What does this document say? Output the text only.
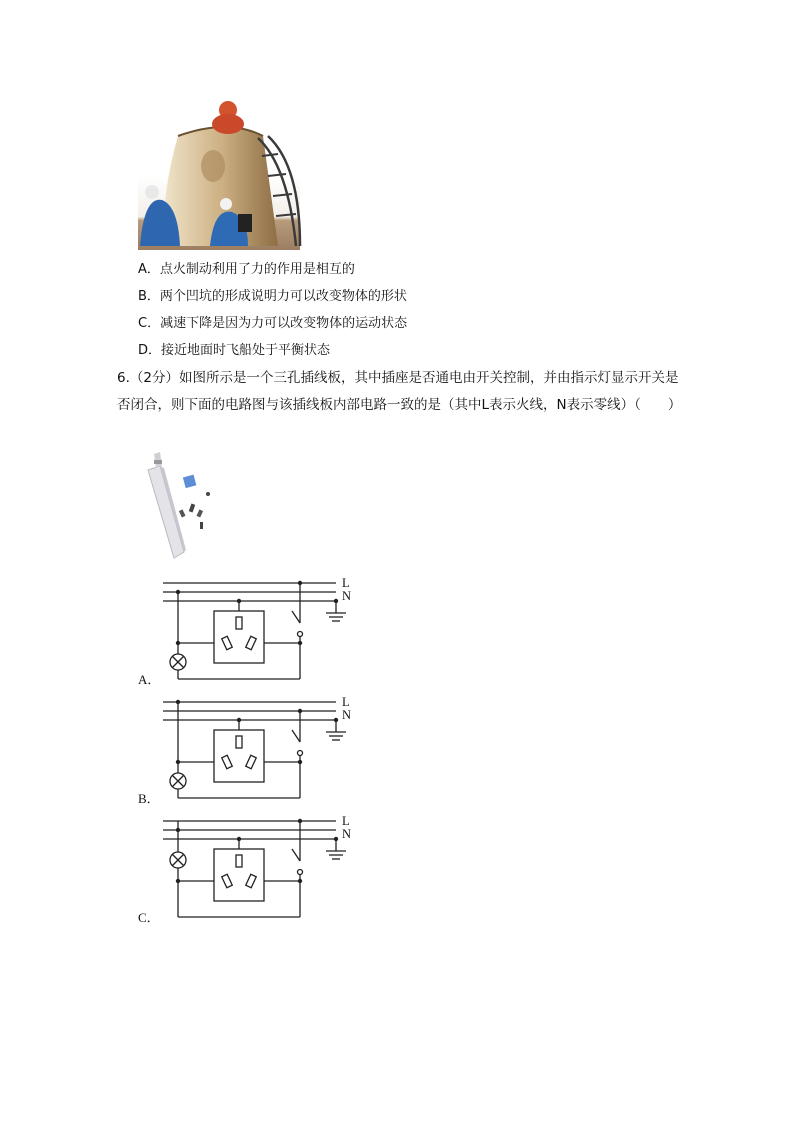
A．点火制动利用了力的作用是相互的
B．两个凹坑的形成说明力可以改变物体的形状
C．减速下降是因为力可以改变物体的运动状态
D．接近地面时飞船处于平衡状态
6.（2分）如图所示是一个三孔插线板，其中插座是否通电由开关控制，并由指示灯显示开关是否闭合，则下面的电路图与该插线板内部电路一致的是（其中L表示火线，N表示零线）（　　）
L
N
A．
L
N
B．
L
N
C．
